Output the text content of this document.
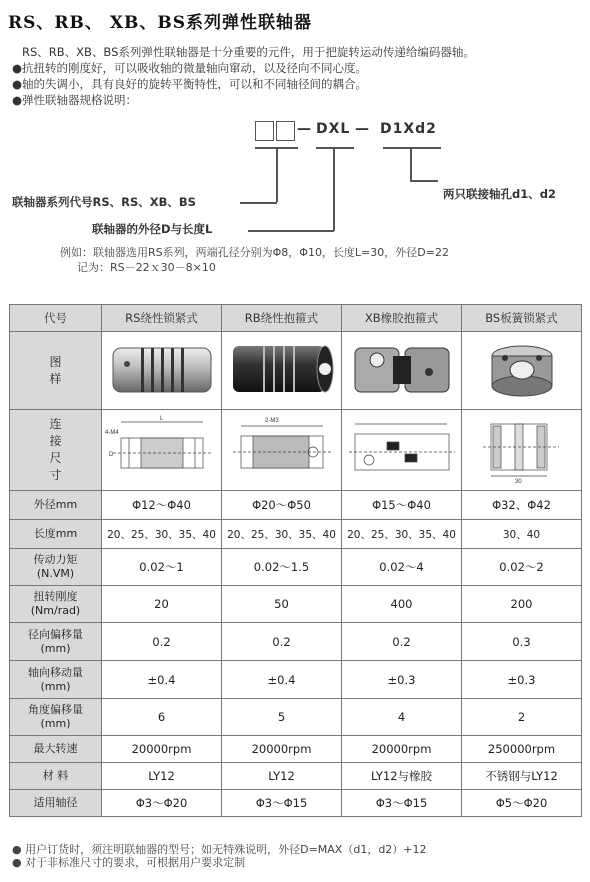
RS、RB、 XB、BS系列弹性联轴器
RS、RB、XB、BS系列弹性联轴器是十分重要的元件，用于把旋转运动传递给编码器轴。
●抗扭转的刚度好，可以吸收轴的微量轴向窜动，以及径向不同心度。
●轴的失调小，具有良好的旋转平衡特性，可以和不同轴径间的耦合。
●弹性联轴器规格说明：
— DXL — D1Xd2
联轴器系列代号RS、RS、XB、BS
联轴器的外径D与长度L
两只联接轴孔d1、d2
例如：联轴器选用RS系列，两端孔径分别为Φ8，Φ10，长度L=30，外径D=22
记为：RS－22ｘ30－8×10
代号	RS绕性锁紧式	RB绕性抱箍式	XB橡胶抱箍式	BS板簧锁紧式
图样				
连接尺寸	L
4-M4
D	2-M3		30

外径mm	Φ12～Φ40	Φ20～Φ50	Φ15～Φ40	Φ32、Φ42
长度mm	20、25、30、35、40	20、25、30、35、40	20、25、30、35、40	30、40
传动力矩
(N.VM)	0.02～1	0.02～1.5	0.02～4	0.02～2
扭转刚度
(Nm/rad)	20	50	400	200
径向偏移量
(mm)	0.2	0.2	0.2	0.3
轴向移动量
(mm)	±0.4	±0.4	±0.3	±0.3
角度偏移量
(mm)	6	5	4	2
最大转速	20000rpm	20000rpm	20000rpm	250000rpm
材 料	LY12	LY12	LY12与橡胶	不锈钢与LY12
适用轴径	Φ3～Φ20	Φ3～Φ15	Φ3～Φ15	Φ5～Φ20
● 用户订货时，须注明联轴器的型号；如无特殊说明，外径D=MAX（d1，d2）+12
● 对于非标准尺寸的要求，可根据用户要求定制
